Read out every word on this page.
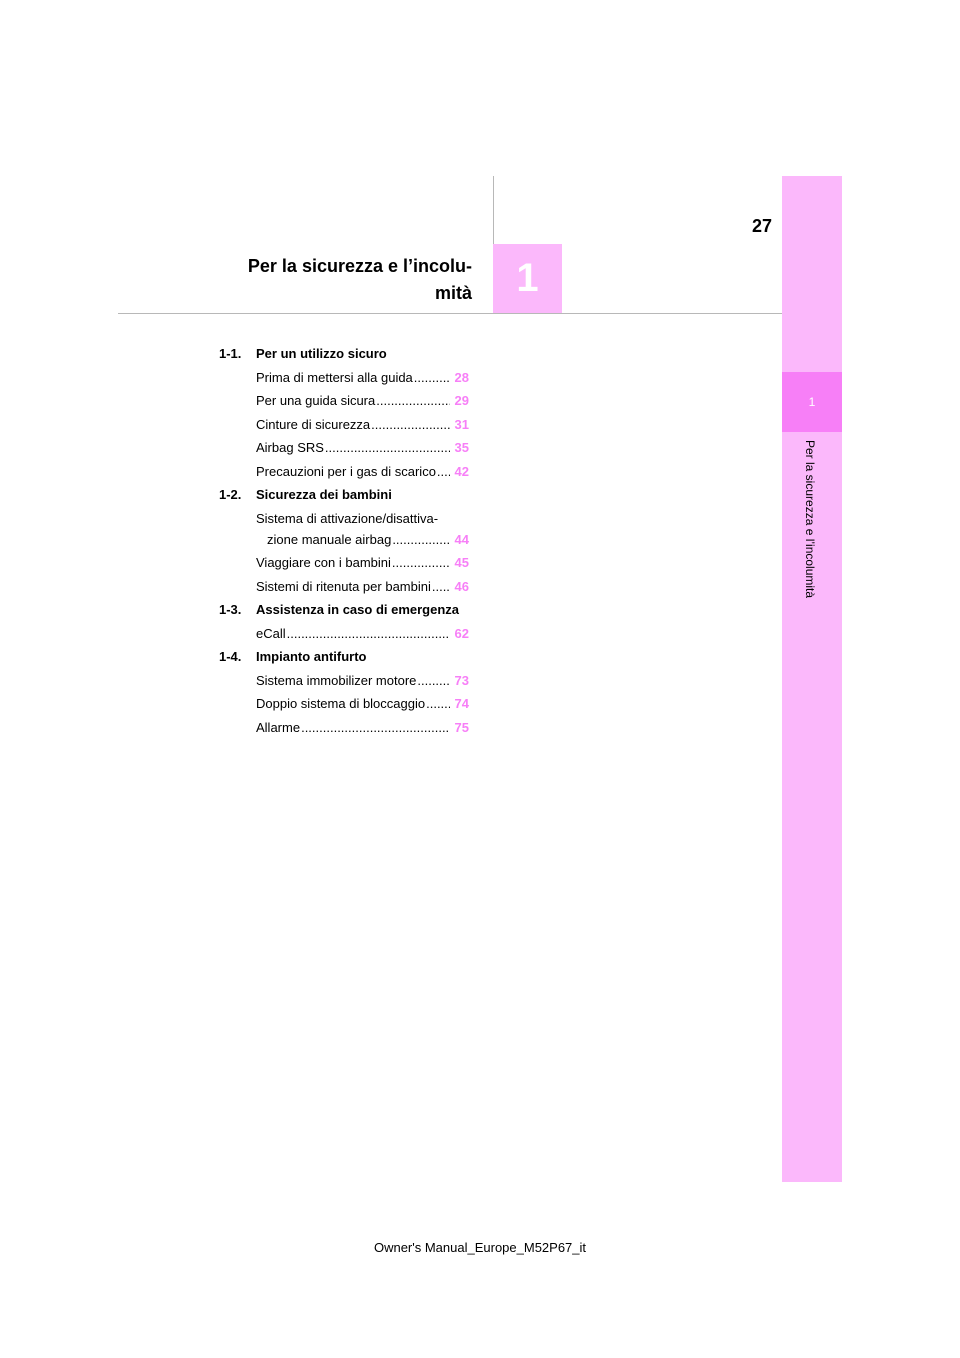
Per la sicurezza e l’incolu-
mità 1
27
1
Per la sicurezza e l’incolumità
1-1. Per un utilizzo sicuro
Prima di mettersi alla guida .....	28
Per una guida sicura .....	29
Cinture di sicurezza .....	31
Airbag SRS .....	35
Precauzioni per i gas di scarico ..... 42
1-2. Sicurezza dei bambini
Sistema di attivazione/disattiva-
zione manuale airbag .....	44
Viaggiare con i bambini .....	45
Sistemi di ritenuta per bambini ..... 46
1-3. Assistenza in caso di emergenza
eCall .....	62
1-4. Impianto antifurto
Sistema immobilizer motore .....	73
Doppio sistema di bloccaggio ..... 74
Allarme .....	75
Owner's Manual_Europe_M52P67_it
